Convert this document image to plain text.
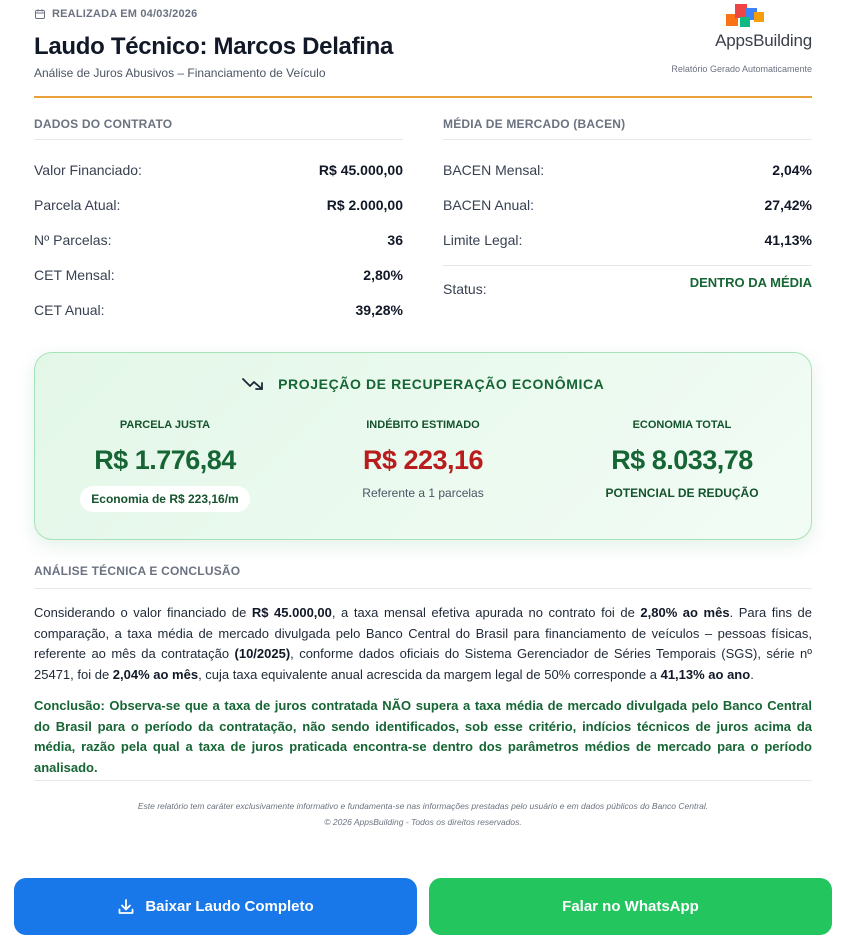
REALIZADA EM 04/03/2026
Laudo Técnico: Marcos Delafina
Análise de Juros Abusivos – Financiamento de Veículo
AppsBuilding
Relatório Gerado Automaticamente
DADOS DO CONTRATO
Valor Financiado:	R$ 45.000,00
Parcela Atual:	R$ 2.000,00
Nº Parcelas:	36
CET Mensal:	2,80%
CET Anual:	39,28%
MÉDIA DE MERCADO (BACEN)
BACEN Mensal:	2,04%
BACEN Anual:	27,42%
Limite Legal:	41,13%
Status:	DENTRO DA MÉDIA
PROJEÇÃO DE RECUPERAÇÃO ECONÔMICA
PARCELA JUSTA
R$ 1.776,84
Economia de R$ 223,16/m
INDÉBITO ESTIMADO
R$ 223,16
Referente a 1 parcelas
ECONOMIA TOTAL
R$ 8.033,78
POTENCIAL DE REDUÇÃO
ANÁLISE TÉCNICA E CONCLUSÃO
Considerando o valor financiado de R$ 45.000,00, a taxa mensal efetiva apurada no contrato foi de 2,80% ao mês. Para fins de comparação, a taxa média de mercado divulgada pelo Banco Central do Brasil para financiamento de veículos – pessoas físicas, referente ao mês da contratação (10/2025), conforme dados oficiais do Sistema Gerenciador de Séries Temporais (SGS), série nº 25471, foi de 2,04% ao mês, cuja taxa equivalente anual acrescida da margem legal de 50% corresponde a 41,13% ao ano.
Conclusão: Observa-se que a taxa de juros contratada NÃO supera a taxa média de mercado divulgada pelo Banco Central do Brasil para o período da contratação, não sendo identificados, sob esse critério, indícios técnicos de juros acima da média, razão pela qual a taxa de juros praticada encontra-se dentro dos parâmetros médios de mercado para o período analisado.
Este relatório tem caráter exclusivamente informativo e fundamenta-se nas informações prestadas pelo usuário e em dados públicos do Banco Central.
© 2026 AppsBuilding - Todos os direitos reservados.
Baixar Laudo Completo	Falar no WhatsApp
